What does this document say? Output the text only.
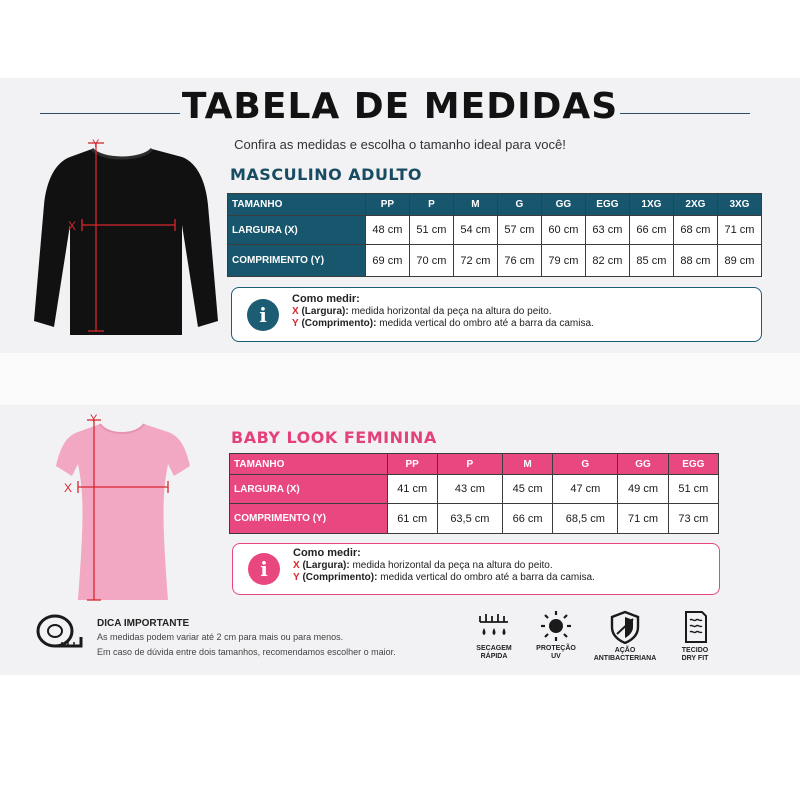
TABELA DE MEDIDAS
Confira as medidas e escolha o tamanho ideal para você!
Y
X
MASCULINO ADULTO
TAMANHO	PP	P	M	G	GG	EGG	1XG	2XG	3XG
LARGURA (X)	48 cm	51 cm	54 cm	57 cm	60 cm	63 cm	66 cm	68 cm	71 cm
COMPRIMENTO (Y)	69 cm	70 cm	72 cm	76 cm	79 cm	82 cm	85 cm	88 cm	89 cm
i
Como medir:
X (Largura): medida horizontal da peça na altura do peito.
Y (Comprimento): medida vertical do ombro até a barra da camisa.
Y
X
BABY LOOK FEMININA
TAMANHO	PP	P	M	G	GG	EGG
LARGURA (X)	41 cm	43 cm	45 cm	47 cm	49 cm	51 cm
COMPRIMENTO (Y)	61 cm	63,5 cm	66 cm	68,5 cm	71 cm	73 cm
i
Como medir:
X (Largura): medida horizontal da peça na altura do peito.
Y (Comprimento): medida vertical do ombro até a barra da camisa.
DICA IMPORTANTE
As medidas podem variar até 2 cm para mais ou para menos.
Em caso de dúvida entre dois tamanhos, recomendamos escolher o maior.	SECAGEM
RÁPIDA
PROTEÇÃO
UV
AÇÃO
ANTIBACTERIANA
TECIDO
DRY FIT
